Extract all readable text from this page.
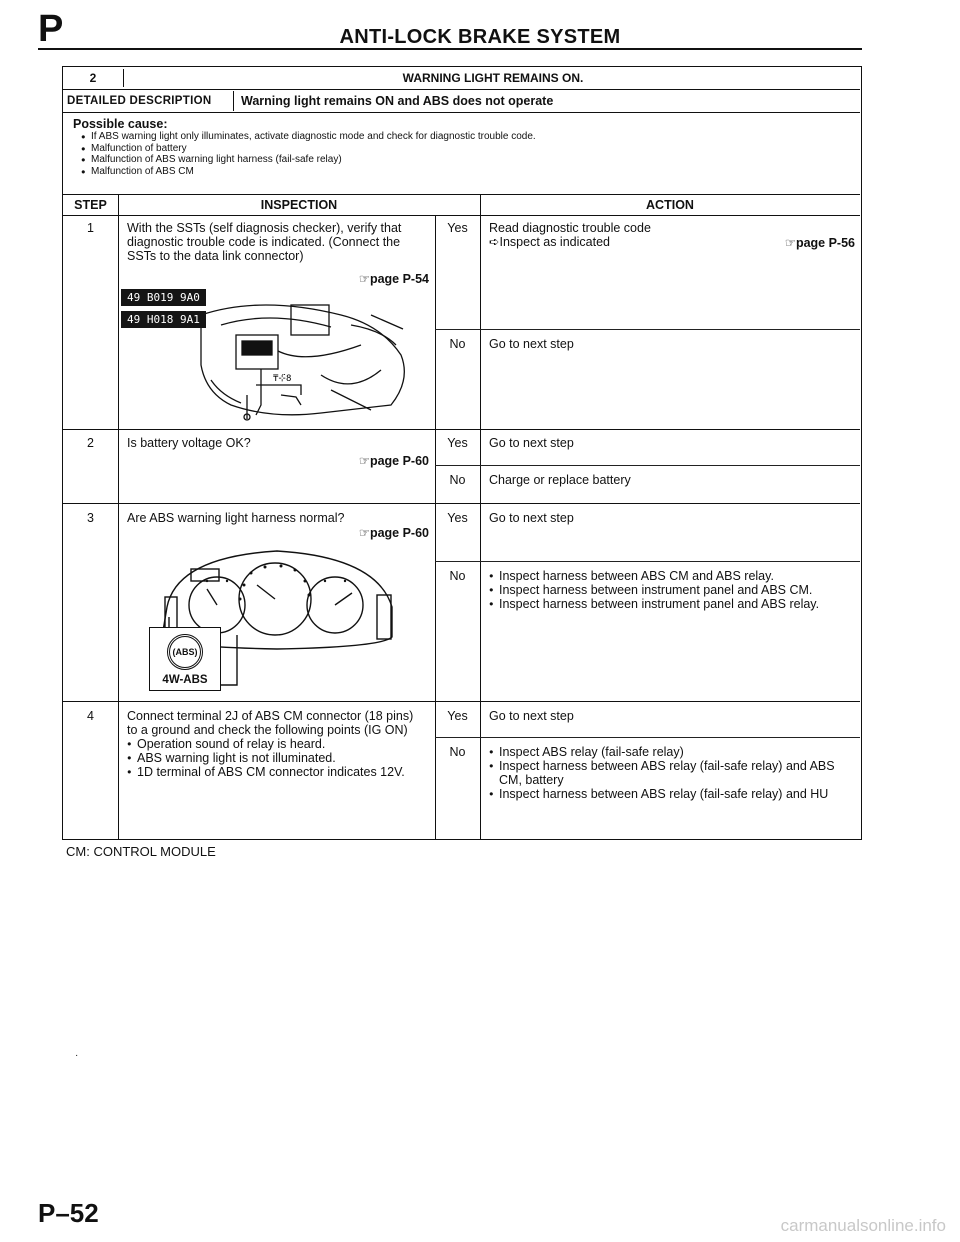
P	ANTI-LOCK BRAKE SYSTEM
2	WARNING LIGHT REMAINS ON.
DETAILED DESCRIPTION	Warning light remains ON and ABS does not operate
Possible cause:
● If ABS warning light only illuminates, activate diagnostic mode and check for diagnostic trouble code.
● Malfunction of battery
● Malfunction of ABS warning light harness (fail-safe relay)
● Malfunction of ABS CM
STEP	INSPECTION	ACTION
1	With the SSTs (self diagnosis checker), verify that diagnostic trouble code is indicated. (Connect the SSTs to the data link connector)
☞page P-54
₸⊹̈8
49 B019 9A0
49 H018 9A1
Yes	Read diagnostic trouble code
➪Inspect as indicated	☞page P-56
No	Go to next step
2	Is battery voltage OK?
☞page P-60
Yes	Go to next step
No	Charge or replace battery
3	Are ABS warning light harness normal?
☞page P-60
(ABS)
4W-ABS
Yes	Go to next step
No	● Inspect harness between ABS CM and ABS relay.
● Inspect harness between instrument panel and ABS CM.
● Inspect harness between instrument panel and ABS relay.
4	Connect terminal 2J of ABS CM connector (18 pins) to a ground and check the following points (IG ON)
● Operation sound of relay is heard.
● ABS warning light is not illuminated.
● 1D terminal of ABS CM connector indicates 12V.
Yes	Go to next step
No	● Inspect ABS relay (fail-safe relay)
● Inspect harness between ABS relay (fail-safe relay) and ABS CM, battery
● Inspect harness between ABS relay (fail-safe relay) and HU
CM: CONTROL MODULE
·
P–52	carmanualsonline.info
